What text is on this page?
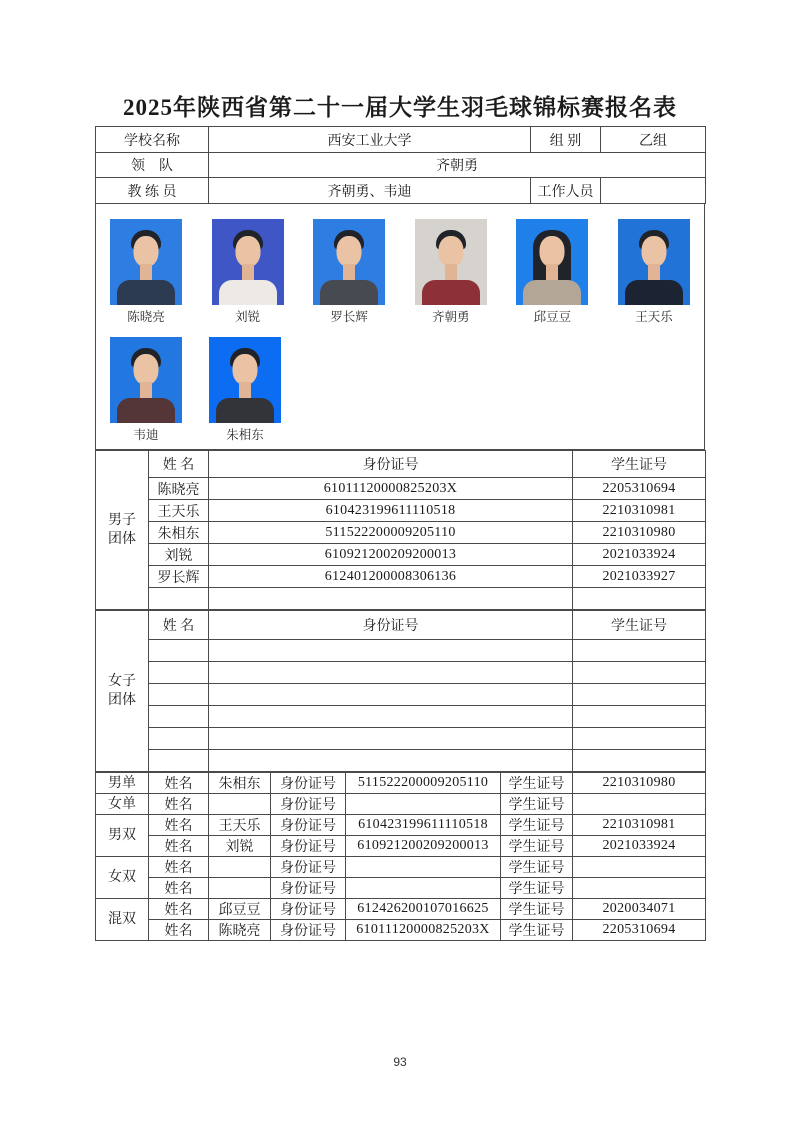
2025年陕西省第二十一届大学生羽毛球锦标赛报名表
学校名称	西安工业大学	组 别	乙组
领　队	齐朝勇		
教 练 员	齐朝勇、韦迪	工作人员	
陈晓亮	刘锐	罗长辉	齐朝勇	邱豆豆	王天乐
韦迪	朱相东
男子团体	姓 名	身份证号	学生证号
	陈晓亮	61011120000825203X	2205310694
	王天乐	610423199611110518	2210310981
	朱相东	511522200009205110	2210310980
	刘锐	610921200209200013	2021033924
	罗长辉	612401200008306136	2021033927

女子团体	姓 名	身份证号	学生证号

男单	姓名	朱相东	身份证号	511522200009205110	学生证号	2210310980
女单	姓名		身份证号		学生证号	
男双	姓名	王天乐	身份证号	610423199611110518	学生证号	2210310981
	姓名	刘锐	身份证号	610921200209200013	学生证号	2021033924
女双	姓名		身份证号		学生证号	
	姓名		身份证号		学生证号	
混双	姓名	邱豆豆	身份证号	612426200107016625	学生证号	2020034071
	姓名	陈晓亮	身份证号	61011120000825203X	学生证号	2205310694
93
